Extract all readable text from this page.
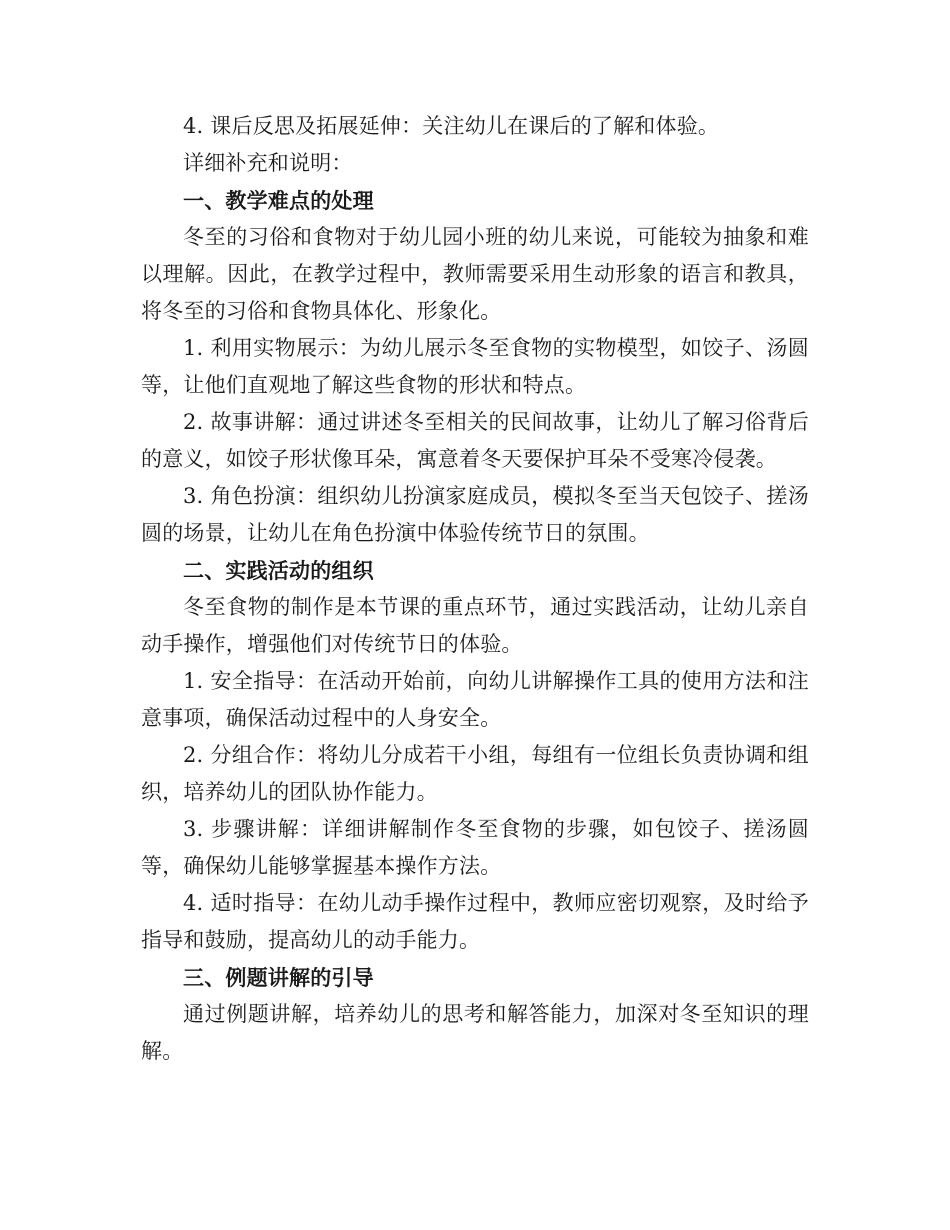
4. 课后反思及拓展延伸：关注幼儿在课后的了解和体验。

详细补充和说明：

一、教学难点的处理

冬至的习俗和食物对于幼儿园小班的幼儿来说，可能较为抽象和难以理解。因此，在教学过程中，教师需要采用生动形象的语言和教具，将冬至的习俗和食物具体化、形象化。

1. 利用实物展示：为幼儿展示冬至食物的实物模型，如饺子、汤圆等，让他们直观地了解这些食物的形状和特点。

2. 故事讲解：通过讲述冬至相关的民间故事，让幼儿了解习俗背后的意义，如饺子形状像耳朵，寓意着冬天要保护耳朵不受寒冷侵袭。

3. 角色扮演：组织幼儿扮演家庭成员，模拟冬至当天包饺子、搓汤圆的场景，让幼儿在角色扮演中体验传统节日的氛围。

二、实践活动的组织

冬至食物的制作是本节课的重点环节，通过实践活动，让幼儿亲自动手操作，增强他们对传统节日的体验。

1. 安全指导：在活动开始前，向幼儿讲解操作工具的使用方法和注意事项，确保活动过程中的人身安全。

2. 分组合作：将幼儿分成若干小组，每组有一位组长负责协调和组织，培养幼儿的团队协作能力。

3. 步骤讲解：详细讲解制作冬至食物的步骤，如包饺子、搓汤圆等，确保幼儿能够掌握基本操作方法。

4. 适时指导：在幼儿动手操作过程中，教师应密切观察，及时给予指导和鼓励，提高幼儿的动手能力。

三、例题讲解的引导

通过例题讲解，培养幼儿的思考和解答能力，加深对冬至知识的理解。
